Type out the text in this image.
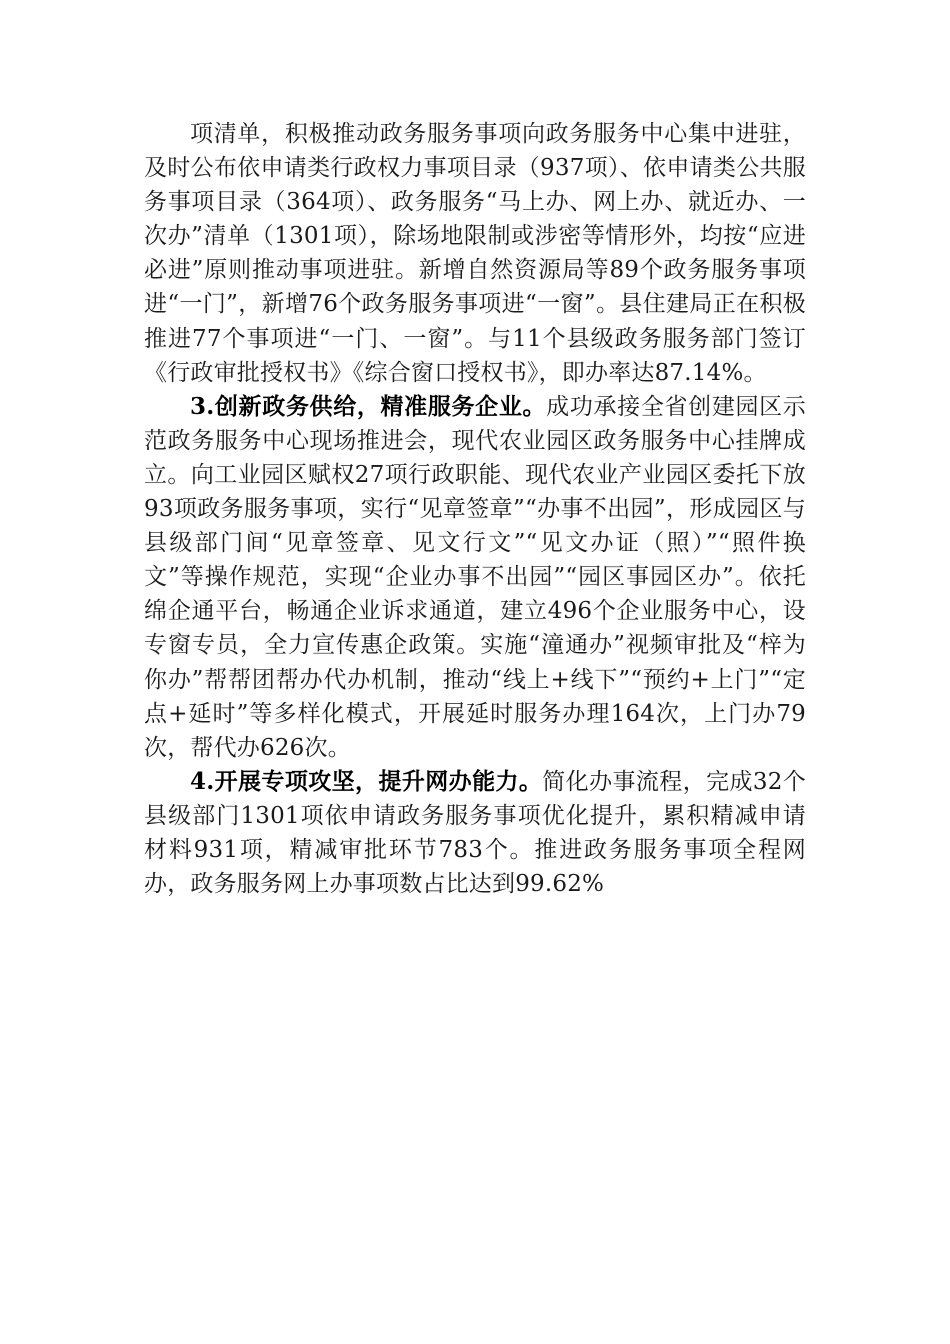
项清单，积极推动政务服务事项向政务服务中心集中进驻，及时公布依申请类行政权力事项目录（937项）、依申请类公共服务事项目录（364项）、政务服务“马上办、网上办、就近办、一次办”清单（1301项），除场地限制或涉密等情形外，均按“应进必进”原则推动事项进驻。新增自然资源局等89个政务服务事项进“一门”，新增76个政务服务事项进“一窗”。县住建局正在积极推进77个事项进“一门、一窗”。与11个县级政务服务部门签订《行政审批授权书》《综合窗口授权书》，即办率达87.14%。

3.创新政务供给，精准服务企业。成功承接全省创建园区示范政务服务中心现场推进会，现代农业园区政务服务中心挂牌成立。向工业园区赋权27项行政职能、现代农业产业园区委托下放93项政务服务事项，实行“见章签章”“办事不出园”，形成园区与县级部门间“见章签章、见文行文”“见文办证（照）”“照件换文”等操作规范，实现“企业办事不出园”“园区事园区办”。依托绵企通平台，畅通企业诉求通道，建立496个企业服务中心，设专窗专员，全力宣传惠企政策。实施“潼通办”视频审批及“梓为你办”帮帮团帮办代办机制，推动“线上+线下”“预约+上门”“定点+延时”等多样化模式，开展延时服务办理164次，上门办79次，帮代办626次。

4.开展专项攻坚，提升网办能力。简化办事流程，完成32个县级部门1301项依申请政务服务事项优化提升，累积精减申请材料931项，精减审批环节783个。推进政务服务事项全程网办，政务服务网上办事项数占比达到99.62%
